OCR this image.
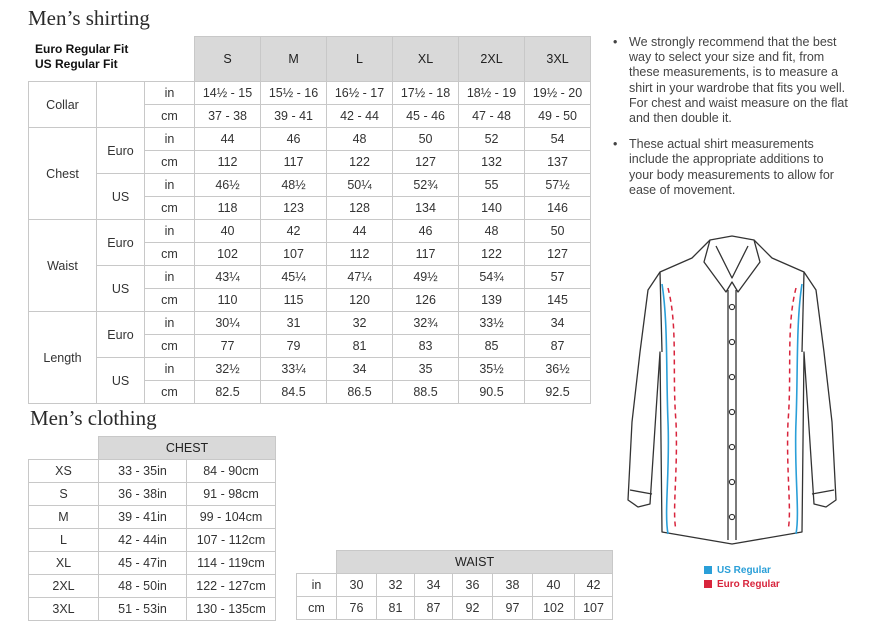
Men’s shirting
Euro Regular Fit
US Regular Fit
			S	M	L	XL	2XL	3XL
Collar		in	14½ - 15	15½ - 16	16½ - 17	17½ - 18	18½ - 19	19½ - 20
		cm	37 - 38	39 - 41	42 - 44	45 - 46	47 - 48	49 - 50
Chest	Euro	in	44	46	48	50	52	54
		cm	112	117	122	127	132	137
	US	in	46½	48½	50¼	52¾	55	57½
		cm	118	123	128	134	140	146
Waist	Euro	in	40	42	44	46	48	50
		cm	102	107	112	117	122	127
	US	in	43¼	45¼	47¼	49½	54¾	57
		cm	110	115	120	126	139	145
Length	Euro	in	30¼	31	32	32¾	33½	34
		cm	77	79	81	83	85	87
	US	in	32½	33¼	34	35	35½	36½
		cm	82.5	84.5	86.5	88.5	90.5	92.5
• We strongly recommend that the best way to select your size and fit, from these measurements, is to measure a shirt in your wardrobe that fits you well. For chest and waist measure on the flat and then double it.
• These actual shirt measurements include the appropriate additions to your body measurements to allow for ease of movement.
US Regular
Euro Regular
Men’s clothing
	CHEST	
XS	33 - 35in	84 - 90cm
S	36 - 38in	91 - 98cm
M	39 - 41in	99 - 104cm
L	42 - 44in	107 - 112cm
XL	45 - 47in	114 - 119cm
2XL	48 - 50in	122 - 127cm
3XL	51 - 53in	130 - 135cm
	WAIST						
in	30	32	34	36	38	40	42
cm	76	81	87	92	97	102	107
